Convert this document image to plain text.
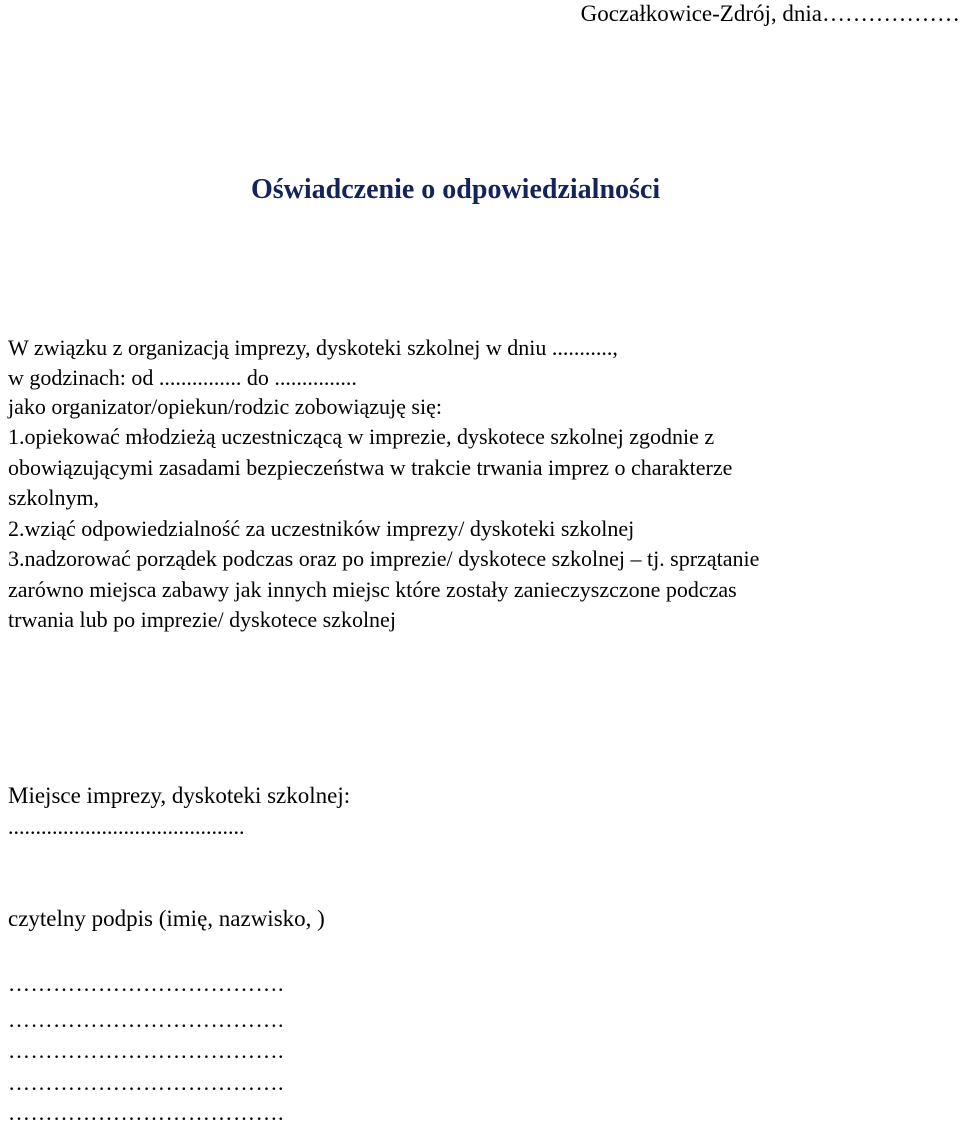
Goczałkowice-Zdrój, dnia………………
Oświadczenie o odpowiedzialności
W związku z organizacją imprezy, dyskoteki szkolnej w dniu ...........,
w godzinach: od ............... do ...............
jako organizator/opiekun/rodzic zobowiązuję się:
1.opiekować młodzieżą uczestniczącą w imprezie, dyskotece szkolnej zgodnie z
obowiązującymi zasadami bezpieczeństwa w trakcie trwania imprez o charakterze
szkolnym,
2.wziąć odpowiedzialność za uczestników imprezy/ dyskoteki szkolnej
3.nadzorować porządek podczas oraz po imprezie/ dyskotece szkolnej – tj. sprzątanie
zarówno miejsca zabawy jak innych miejsc które zostały zanieczyszczone podczas
trwania lub po imprezie/ dyskotece szkolnej
Miejsce imprezy, dyskoteki szkolnej:
...........................................
czytelny podpis (imię, nazwisko, )
……………………………….
……………………………….
……………………………….
……………………………….
……………………………….
